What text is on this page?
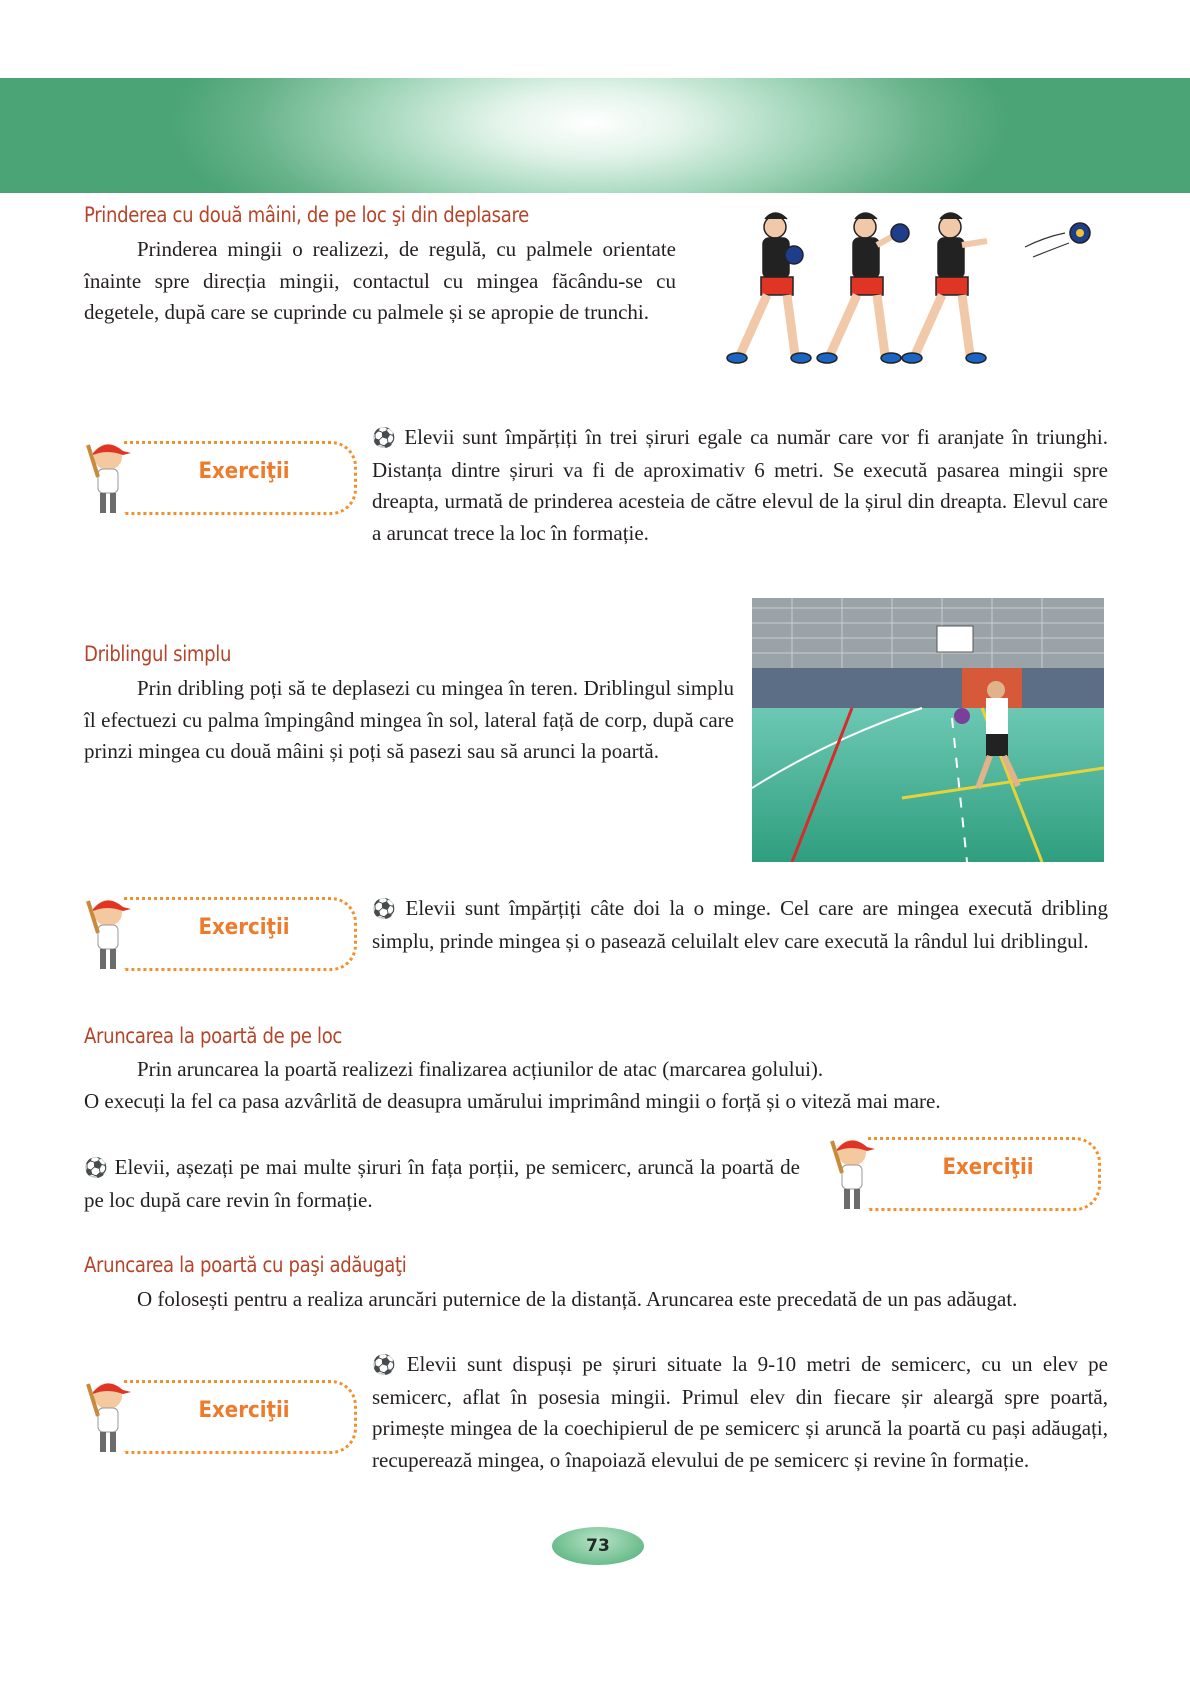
Prinderea cu două mâini, de pe loc şi din deplasare

Prinderea mingii o realizezi, de regulă, cu palmele orientate înainte spre direcția mingii, contactul cu mingea făcându-se cu degetele, după care se cuprinde cu palmele și se apropie de trunchi.

Exerciţii

⚽ Elevii sunt împărțiți în trei șiruri egale ca număr care vor fi aranjate în triunghi. Distanța dintre șiruri va fi de aproximativ 6 metri. Se execută pasarea mingii spre dreapta, urmată de prinderea acesteia de către elevul de la șirul din dreapta. Elevul care a aruncat trece la loc în formație.

Driblingul simplu

Prin dribling poți să te deplasezi cu mingea în teren. Driblingul simplu îl efectuezi cu palma împingând mingea în sol, lateral față de corp, după care prinzi mingea cu două mâini și poți să pasezi sau să arunci la poartă.

Exerciţii

⚽ Elevii sunt împărțiți câte doi la o minge. Cel care are mingea execută dribling simplu, prinde mingea și o pasează celuilalt elev care execută la rândul lui driblingul.

Aruncarea la poartă de pe loc

Prin aruncarea la poartă realizezi finalizarea acțiunilor de atac (marcarea golului).
O execuți la fel ca pasa azvârlită de deasupra umărului imprimând mingii o forță și o viteză mai mare.

⚽ Elevii, așezați pe mai multe șiruri în fața porții, pe semicerc, aruncă la poartă de pe loc după care revin în formație.

Exerciţii
Aruncarea la poartă cu paşi adăugaţi

O folosești pentru a realiza aruncări puternice de la distanță. Aruncarea este precedată de un pas adăugat.

Exerciţii

⚽ Elevii sunt dispuși pe șiruri situate la 9-10 metri de semicerc, cu un elev pe semicerc, aflat în posesia mingii. Primul elev din fiecare șir aleargă spre poartă, primește mingea de la coechipierul de pe semicerc și aruncă la poartă cu pași adăugați, recuperează mingea, o înapoiază elevului de pe semicerc și revine în formație.

73
